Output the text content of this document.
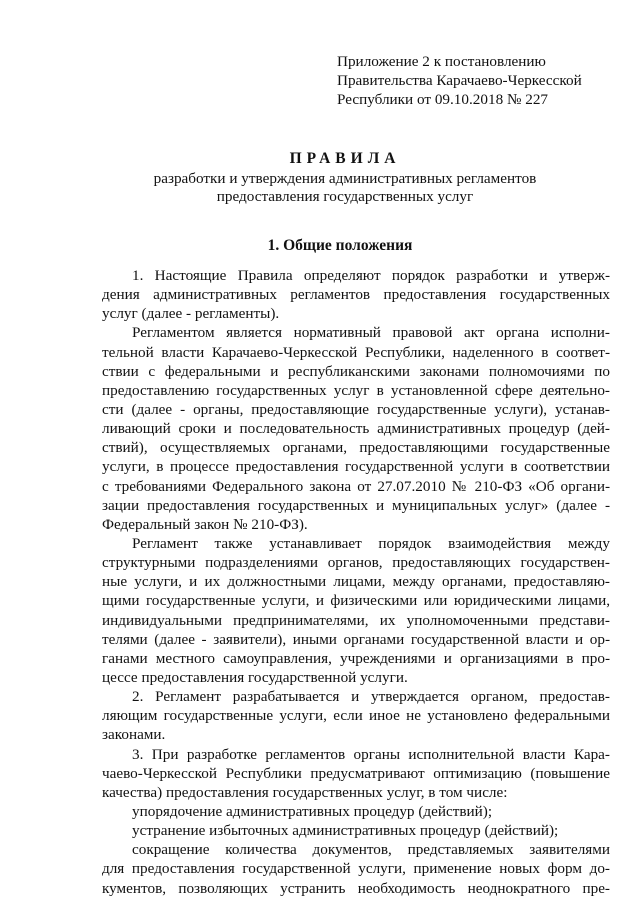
Приложение 2 к постановлению
Правительства Карачаево-Черкесской
Республики от 09.10.2018 № 227
ПРАВИЛА
разработки и утверждения административных регламентов
предоставления государственных услуг
1. Общие положения
1. Настоящие Правила определяют порядок разработки и утверж-
дения административных регламентов предоставления государственных
услуг (далее - регламенты).
Регламентом является нормативный правовой акт органа исполни-
тельной власти Карачаево-Черкесской Республики, наделенного в соответ-
ствии с федеральными и республиканскими законами полномочиями по
предоставлению государственных услуг в установленной сфере деятельно-
сти (далее - органы, предоставляющие государственные услуги), устанав-
ливающий сроки и последовательность административных процедур (дей-
ствий), осуществляемых органами, предоставляющими государственные
услуги, в процессе предоставления государственной услуги в соответствии
с требованиями Федерального закона от 27.07.2010 № 210-ФЗ «Об органи-
зации предоставления государственных и муниципальных услуг» (далее -
Федеральный закон № 210-ФЗ).
Регламент также устанавливает порядок взаимодействия между
структурными подразделениями органов, предоставляющих государствен-
ные услуги, и их должностными лицами, между органами, предоставляю-
щими государственные услуги, и физическими или юридическими лицами,
индивидуальными предпринимателями, их уполномоченными представи-
телями (далее - заявители), иными органами государственной власти и ор-
ганами местного самоуправления, учреждениями и организациями в про-
цессе предоставления государственной услуги.
2. Регламент разрабатывается и утверждается органом, предостав-
ляющим государственные услуги, если иное не установлено федеральными
законами.
3. При разработке регламентов органы исполнительной власти Кара-
чаево-Черкесской Республики предусматривают оптимизацию (повышение
качества) предоставления государственных услуг, в том числе:
упорядочение административных процедур (действий);
устранение избыточных административных процедур (действий);
сокращение количества документов, представляемых заявителями
для предоставления государственной услуги, применение новых форм до-
кументов, позволяющих устранить необходимость неоднократного пре-
